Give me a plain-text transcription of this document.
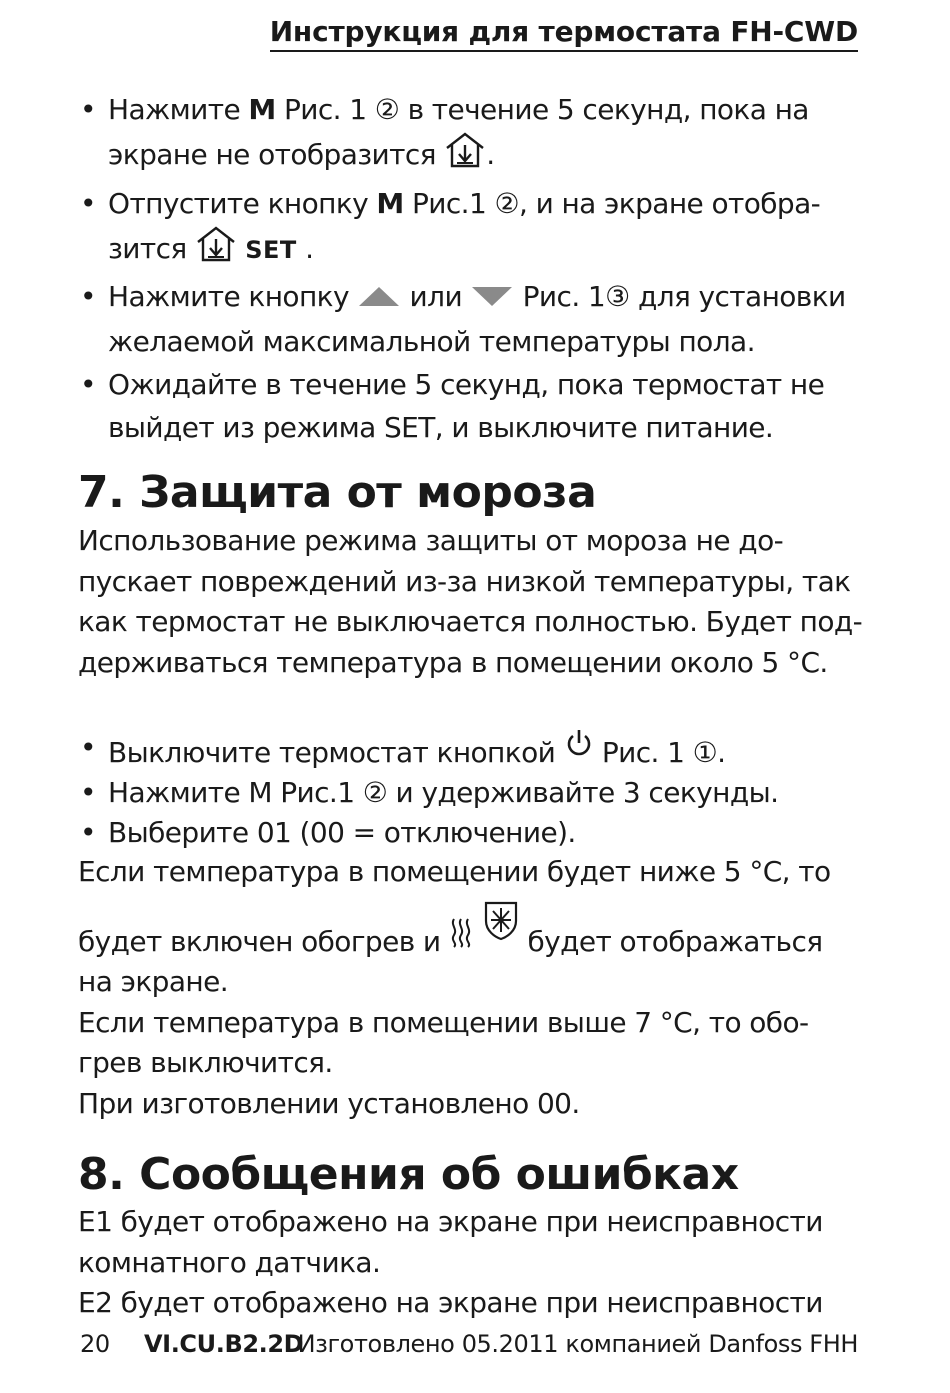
Инструкция для термостата FH-CWD
• Нажмите M Рис. 1 ② в течение 5 секунд, пока на
экране не отобразится .
• Отпустите кнопку M Рис.1 ②, и на экране отобра-
зится  SET .
• Нажмите кнопку  или  Рис. 1③ для установки
желаемой максимальной температуры пола.
• Ожидайте в течение 5 секунд, пока термостат не
выйдет из режима SET, и выключите питание.
7. Защита от мороза
Использование режима защиты от мороза не до-
пускает повреждений из-за низкой температуры, так
как термостат не выключается полностью. Будет под-
держиваться температура в помещении около 5 °C.
• Выключите термостат кнопкой  Рис. 1 ①.
• Нажмите M Рис.1 ② и удерживайте 3 секунды.
• Выберите 01 (00 = отключение).
Если температура в помещении будет ниже 5 °C, то
будет включен обогрев и	будет отображаться
на экране.
Если температура в помещении выше 7 °C, то обо-
грев выключится.
При изготовлении установлено 00.
8. Сообщения об ошибках
E1 будет отображено на экране при неисправности
комнатного датчика.
E2 будет отображено на экране при неисправности
20 VI.CU.B2.2D
Изготовлено 05.2011 компанией Danfoss FHH
